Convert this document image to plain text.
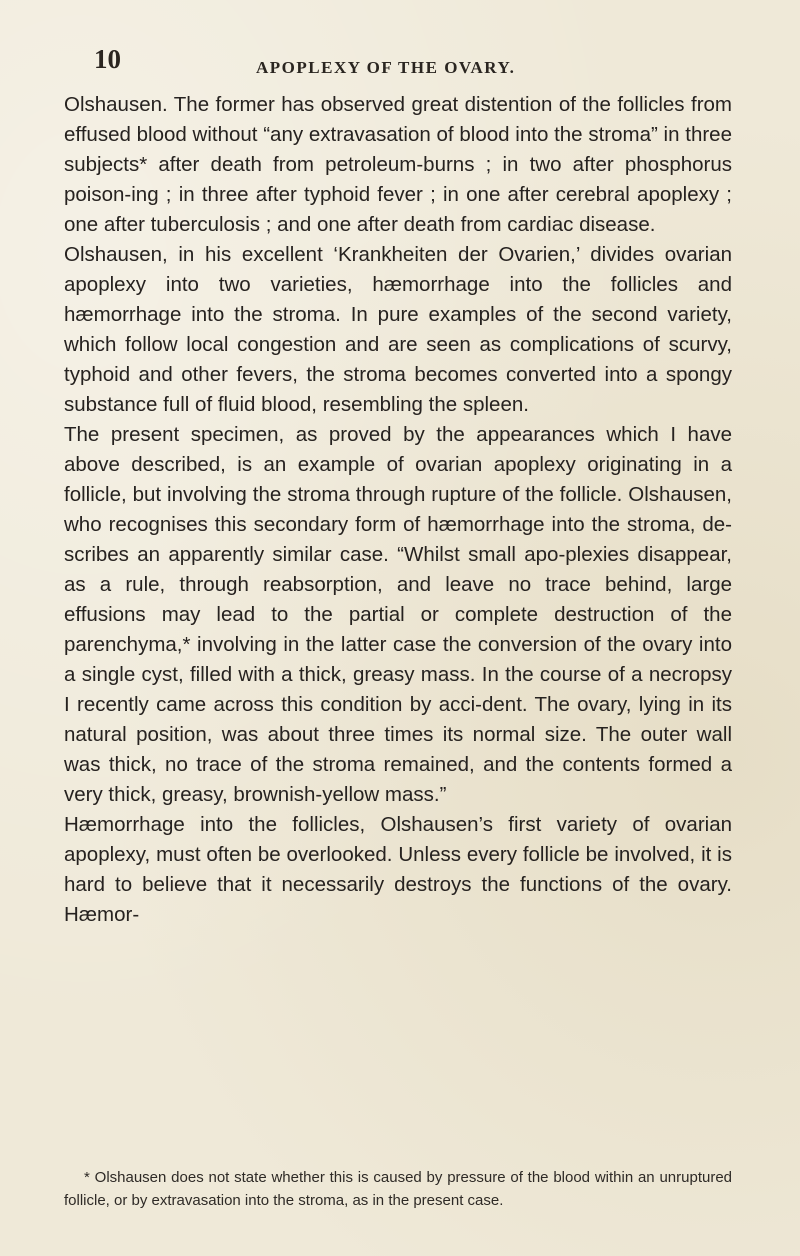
10	APOPLEXY OF THE OVARY.

Olshausen. The former has observed great distention of the follicles from effused blood without “any extravasation of blood into the stroma” in three subjects* after death from petroleum-burns ; in two after phosphorus poison-ing ; in three after typhoid fever ; in one after cerebral apoplexy ; one after tuberculosis ; and one after death from cardiac disease.

Olshausen, in his excellent ‘Krankheiten der Ovarien,’ divides ovarian apoplexy into two varieties, hæmorrhage into the follicles and hæmorrhage into the stroma. In pure examples of the second variety, which follow local congestion and are seen as complications of scurvy, typhoid and other fevers, the stroma becomes converted into a spongy substance full of fluid blood, resembling the spleen.

The present specimen, as proved by the appearances which I have above described, is an example of ovarian apoplexy originating in a follicle, but involving the stroma through rupture of the follicle. Olshausen, who recognises this secondary form of hæmorrhage into the stroma, de-scribes an apparently similar case. “Whilst small apo-plexies disappear, as a rule, through reabsorption, and leave no trace behind, large effusions may lead to the partial or complete destruction of the parenchyma,* involving in the latter case the conversion of the ovary into a single cyst, filled with a thick, greasy mass. In the course of a necropsy I recently came across this condition by acci-dent. The ovary, lying in its natural position, was about three times its normal size. The outer wall was thick, no trace of the stroma remained, and the contents formed a very thick, greasy, brownish-yellow mass.”

Hæmorrhage into the follicles, Olshausen’s first variety of ovarian apoplexy, must often be overlooked. Unless every follicle be involved, it is hard to believe that it necessarily destroys the functions of the ovary. Hæmor-

* Olshausen does not state whether this is caused by pressure of the blood within an unruptured follicle, or by extravasation into the stroma, as in the present case.
